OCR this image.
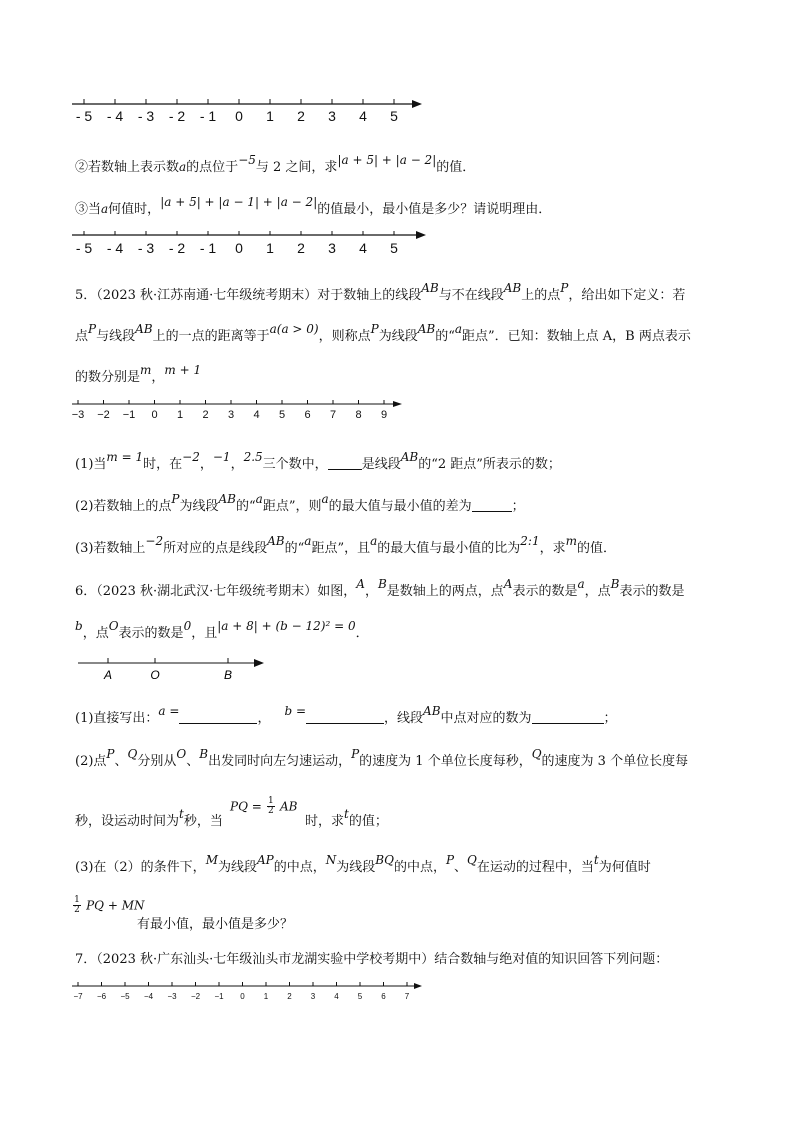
- 5 - 4 - 3 - 2 - 1 0 1 2 3 4 5
②若数轴上表示数a的点位于−5与 2 之间，求|a + 5| + |a − 2|的值．
③当a何值时，|a + 5| + |a − 1| + |a − 2|的值最小，最小值是多少？请说明理由．
- 5 - 4 - 3 - 2 - 1 0 1 2 3 4 5
5．（2023 秋·江苏南通·七年级统考期末）对于数轴上的线段AB与不在线段AB上的点P，给出如下定义：若
点P与线段AB上的一点的距离等于a(a > 0)，则称点P为线段AB的“a距点”．已知：数轴上点 A，B 两点表示
的数分别是m，m + 1
−3 −2 −1 0 1 2 3 4 5 6 7 8 9
(1)当m = 1时，在−2，−1，2.5三个数中，	是线段AB的“2 距点”所表示的数；
(2)若数轴上的点P为线段AB的“a距点”，则a的最大值与最小值的差为	；
(3)若数轴上−2所对应的点是线段AB的“a距点”，且a的最大值与最小值的比为2:1，求m的值．
6．（2023 秋·湖北武汉·七年级统考期末）如图，A，B是数轴上的两点，点A表示的数是a，点B表示的数是
b，点O表示的数是0，且|a + 8| + (b − 12)² = 0．
A	O	B
(1)直接写出：a =	， b =	，线段AB中点对应的数为	；
(2)点P、Q分别从O、B出发同时向左匀速运动，P的速度为 1 个单位长度每秒，Q的速度为 3 个单位长度每
秒，设运动时间为t秒，当
PQ = $\frac{1}{2}$ AB
时，求t的值；
(3)在（2）的条件下，M为线段AP的中点，N为线段BQ的中点，P、Q在运动的过程中，当t为何值时
$\frac{1}{2}$ PQ + MN
有最小值，最小值是多少？
7．（2023 秋·广东汕头·七年级汕头市龙湖实验中学校考期中）结合数轴与绝对值的知识回答下列问题：
−7 −6 −5 −4 −3 −2 −1 0 1 2 3 4 5 6 7
